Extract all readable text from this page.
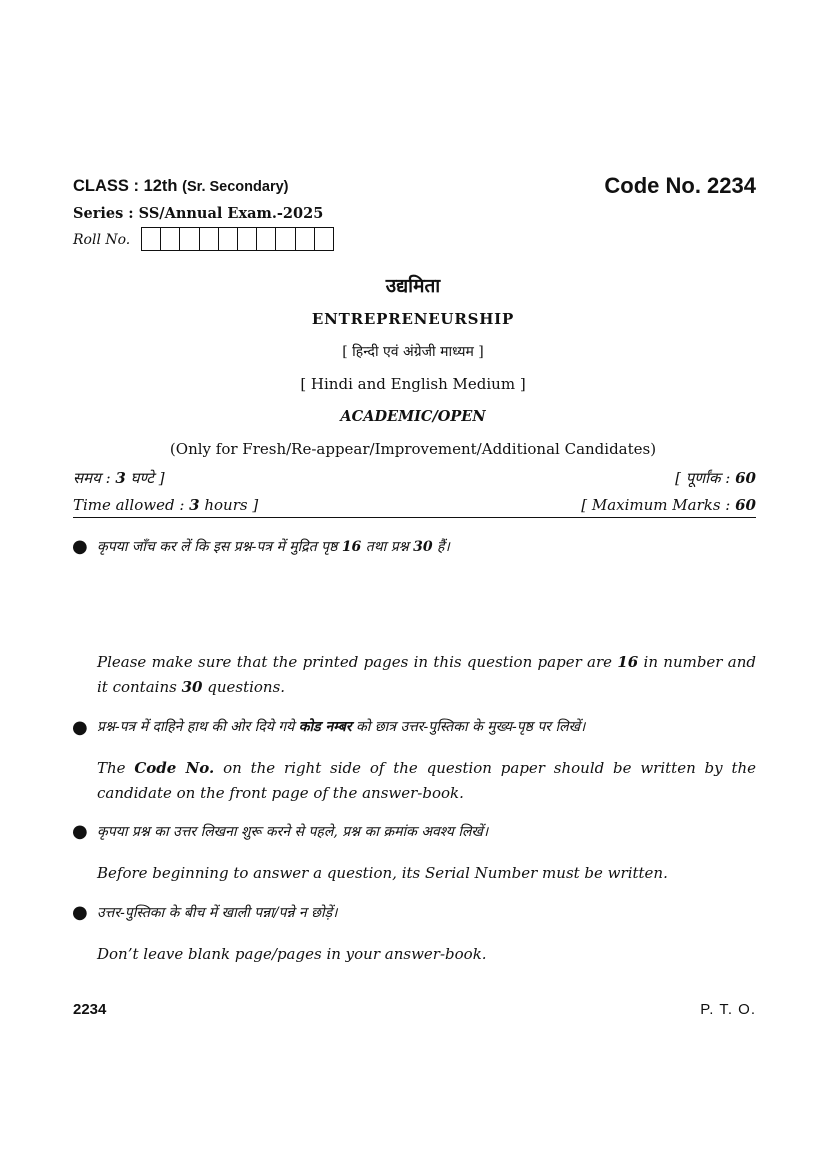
CLASS : 12th (Sr. Secondary)	Code No. 2234
Series : SS/Annual Exam.-2025
Roll No.
उद्यमिता
ENTREPRENEURSHIP
[ हिन्दी एवं अंग्रेजी माध्यम ]
[ Hindi and English Medium ]
ACADEMIC/OPEN
(Only for Fresh/Re-appear/Improvement/Additional Candidates)
समय : 3 घण्टे ]	[ पूर्णांक : 60
Time allowed : 3 hours ]	[ Maximum Marks : 60
● कृपया जाँच कर लें कि इस प्रश्न-पत्र में मुद्रित पृष्ठ 16 तथा प्रश्न 30 हैं।
Please make sure that the printed pages in this question paper are 16 in number and it contains 30 questions.
● प्रश्न-पत्र में दाहिने हाथ की ओर दिये गये कोड नम्बर को छात्र उत्तर-पुस्तिका के मुख्य-पृष्ठ पर लिखें।
The Code No. on the right side of the question paper should be written by the candidate on the front page of the answer-book.
● कृपया प्रश्न का उत्तर लिखना शुरू करने से पहले, प्रश्न का क्रमांक अवश्य लिखें।
Before beginning to answer a question, its Serial Number must be written.
● उत्तर-पुस्तिका के बीच में खाली पन्ना/पन्ने न छोड़ें।
Don’t leave blank page/pages in your answer-book.
2234	P. T. O.
